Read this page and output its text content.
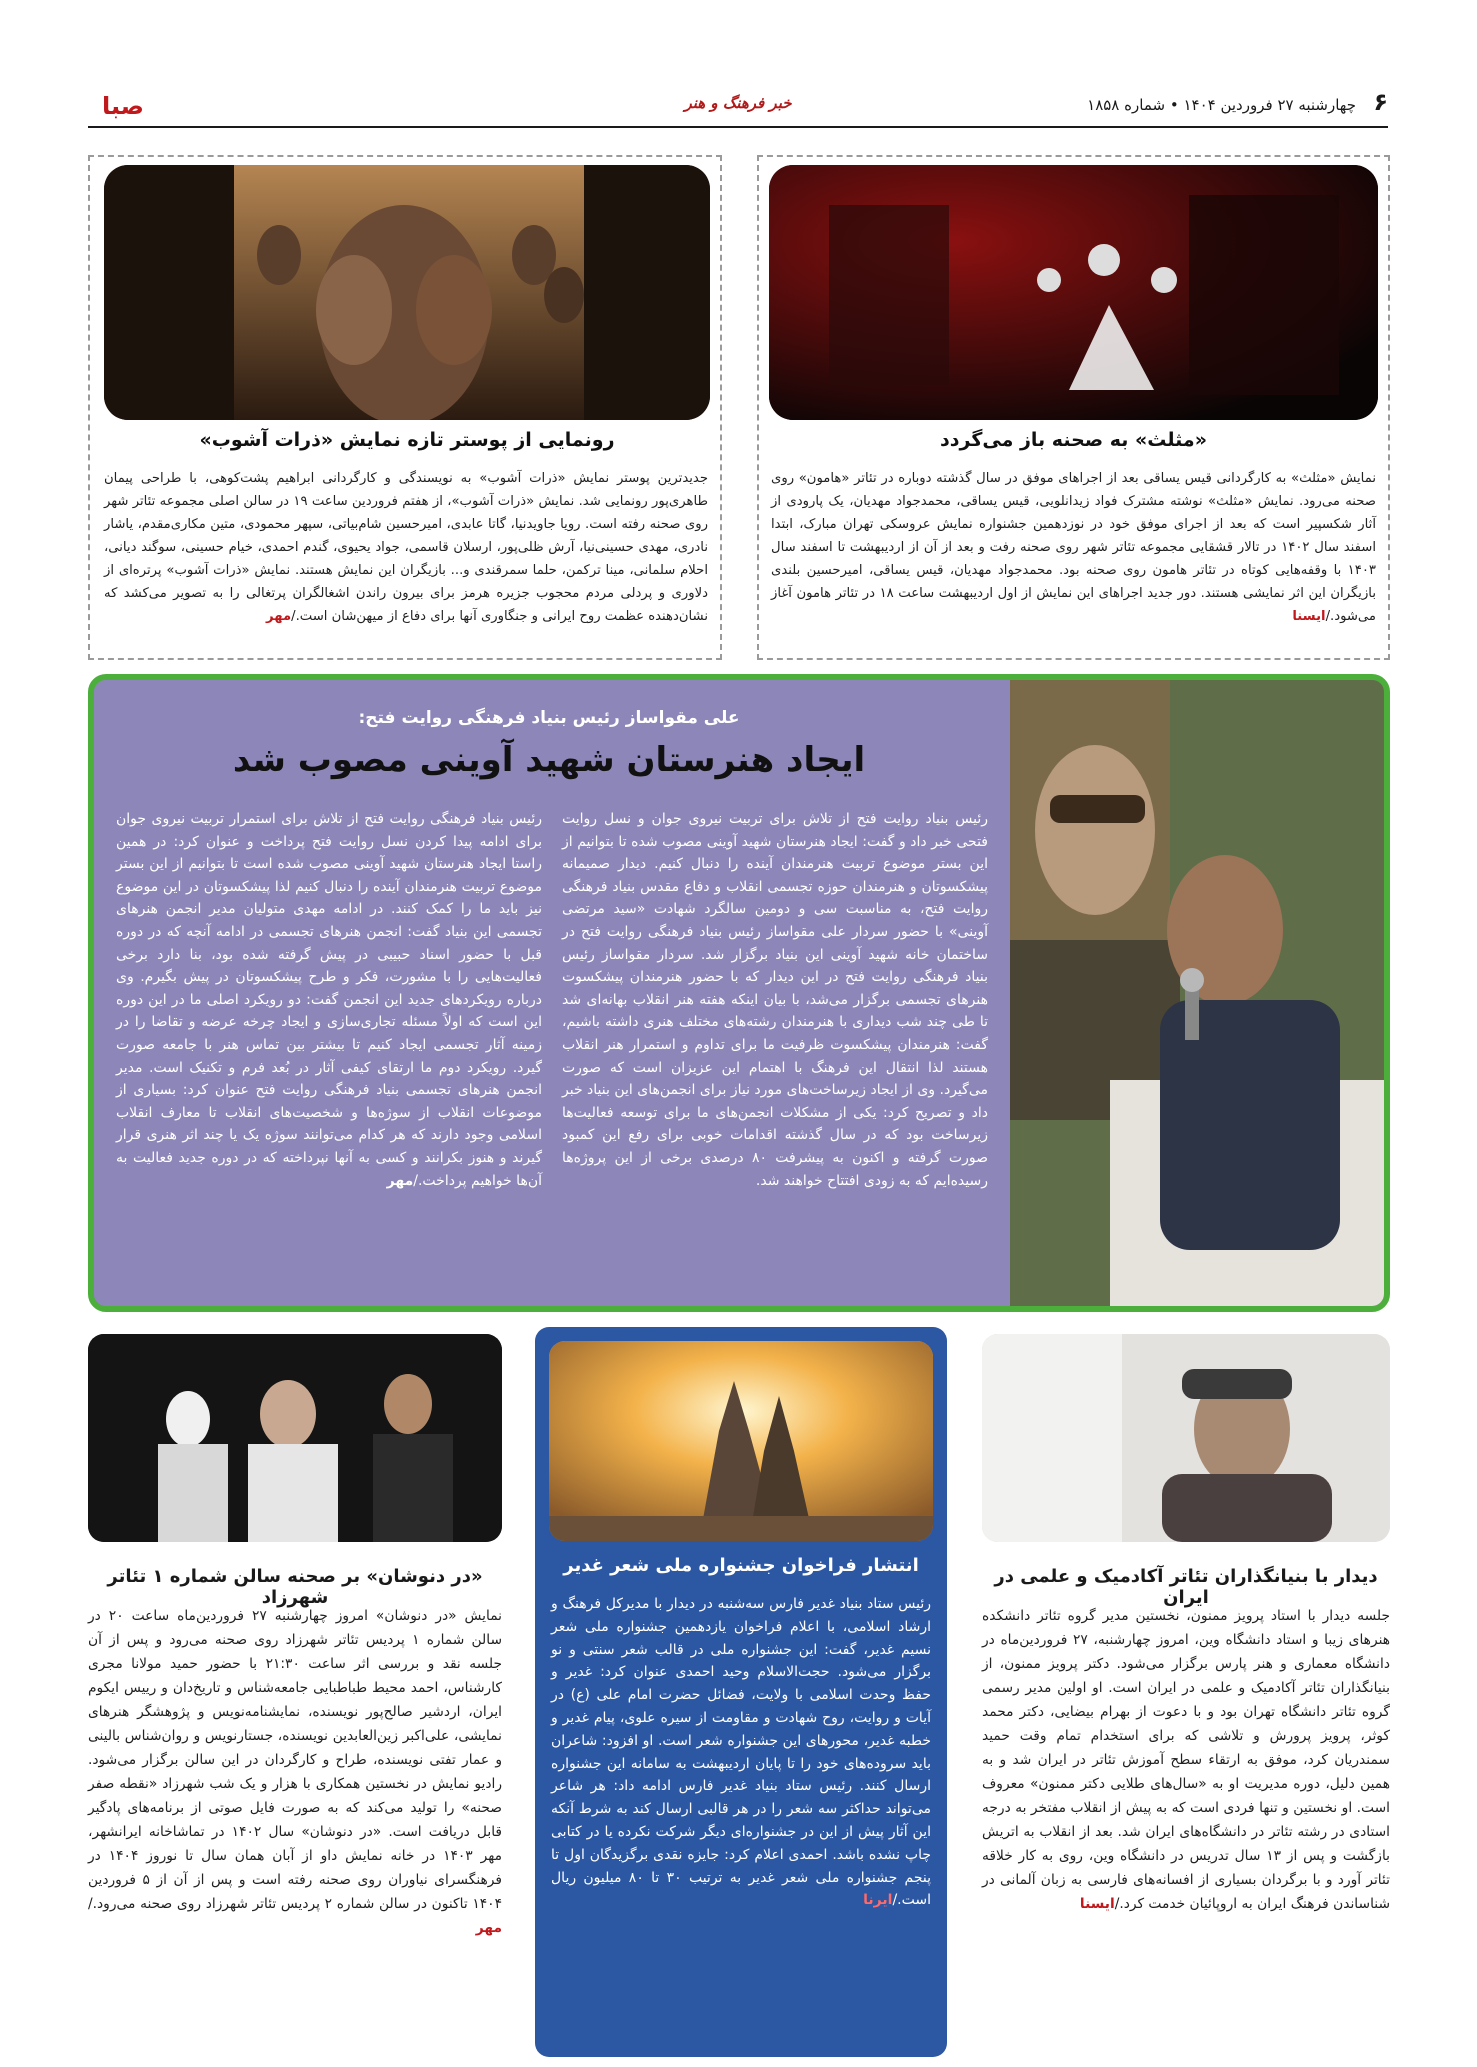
۶
چهارشنبه ۲۷ فروردین ۱۴۰۴ • شماره ۱۸۵۸
خبر فرهنگ و هنر
صبا
«مثلث» به صحنه باز می‌گردد
نمایش «مثلث» به کارگردانی قیس یساقی بعد از اجراهای موفق در سال گذشته دوباره در تئاتر «هامون» روی صحنه می‌رود. نمایش «مثلث» نوشته مشترک فواد زیدانلویی، قیس یساقی، محمدجواد مهدیان، یک پارودی از آثار شکسپیر است که بعد از اجرای موفق خود در نوزدهمین جشنواره نمایش عروسکی تهران مبارک، ابتدا اسفند سال ۱۴۰۲ در تالار قشقایی مجموعه تئاتر شهر روی صحنه رفت و بعد از آن از اردیبهشت تا اسفند سال ۱۴۰۳ با وقفه‌هایی کوتاه در تئاتر هامون روی صحنه بود. محمدجواد مهدیان، قیس یساقی، امیرحسین بلندی بازیگران این اثر نمایشی هستند. دور جدید اجراهای این نمایش از اول اردیبهشت ساعت ۱۸ در تئاتر هامون آغاز می‌شود./ایسنا
رونمایی از پوستر تازه نمایش «ذرات آشوب»
جدیدترین پوستر نمایش «ذرات آشوب» به نویسندگی و کارگردانی ابراهیم پشت‌کوهی، با طراحی پیمان طاهری‌پور رونمایی شد. نمایش «ذرات آشوب»، از هفتم فروردین ساعت ۱۹ در سالن اصلی مجموعه تئاتر شهر روی صحنه رفته است. رویا جاویدنیا، گاتا عابدی، امیرحسین شام‌بیاتی، سپهر محمودی، متین مکاری‌مقدم، یاشار نادری، مهدی حسینی‌نیا، آرش ظلی‌پور، ارسلان قاسمی، جواد یحیوی، گندم احمدی، خیام حسینی، سوگند دیانی، احلام سلمانی، مینا ترکمن، حلما سمرقندی و... بازیگران این نمایش هستند. نمایش «ذرات آشوب» پرتره‌ای از دلاوری و پردلی مردم محجوب جزیره هرمز برای بیرون راندن اشغالگران پرتغالی را به تصویر می‌کشد که نشان‌دهنده عظمت روح ایرانی و جنگاوری آنها برای دفاع از میهن‌شان است./مهر
علی مقواساز رئیس بنیاد فرهنگی روایت فتح:
ایجاد هنرستان شهید آوینی مصوب شد
رئیس بنیاد روایت فتح از تلاش برای تربیت نیروی جوان و نسل روایت فتحی خبر داد و گفت: ایجاد هنرستان شهید آوینی مصوب شده تا بتوانیم از این بستر موضوع تربیت هنرمندان آینده را دنبال کنیم. دیدار صمیمانه پیشکسوتان و هنرمندان حوزه تجسمی انقلاب و دفاع مقدس بنیاد فرهنگی روایت فتح، به مناسبت سی و دومین سالگرد شهادت «سید مرتضی آوینی» با حضور سردار علی مقواساز رئیس بنیاد فرهنگی روایت فتح در ساختمان خانه شهید آوینی این بنیاد برگزار شد. سردار مقواساز رئیس بنیاد فرهنگی روایت فتح در این دیدار که با حضور هنرمندان پیشکسوت هنرهای تجسمی برگزار می‌شد، با بیان اینکه هفته هنر انقلاب بهانه‌ای شد تا طی چند شب دیداری با هنرمندان رشته‌های مختلف هنری داشته باشیم، گفت: هنرمندان پیشکسوت ظرفیت ما برای تداوم و استمرار هنر انقلاب هستند لذا انتقال این فرهنگ با اهتمام این عزیزان است که صورت می‌گیرد. وی از ایجاد زیرساخت‌های مورد نیاز برای انجمن‌های این بنیاد خبر داد و تصریح کرد: یکی از مشکلات انجمن‌های ما برای توسعه فعالیت‌ها زیرساخت بود که در سال گذشته اقدامات خوبی برای رفع این کمبود صورت گرفته و اکنون به پیشرفت ۸۰ درصدی برخی از این پروژه‌ها رسیده‌ایم که به زودی افتتاح خواهند شد.
رئیس بنیاد فرهنگی روایت فتح از تلاش برای استمرار تربیت نیروی جوان برای ادامه پیدا کردن نسل روایت فتح پرداخت و عنوان کرد: در همین راستا ایجاد هنرستان شهید آوینی مصوب شده است تا بتوانیم از این بستر موضوع تربیت هنرمندان آینده را دنبال کنیم لذا پیشکسوتان در این موضوع نیز باید ما را کمک کنند. در ادامه مهدی متولیان مدیر انجمن هنرهای تجسمی این بنیاد گفت: انجمن هنرهای تجسمی در ادامه آنچه که در دوره قبل با حضور اسناد حبیبی در پیش گرفته شده بود، بنا دارد برخی فعالیت‌هایی را با مشورت، فکر و طرح پیشکسوتان در پیش بگیرم. وی درباره رویکردهای جدید این انجمن گفت: دو رویکرد اصلی ما در این دوره این است که اولاً مسئله تجاری‌سازی و ایجاد چرخه عرضه و تقاضا را در زمینه آثار تجسمی ایجاد کنیم تا بیشتر بین تماس هنر با جامعه صورت گیرد. رویکرد دوم ما ارتقای کیفی آثار در بُعد فرم و تکنیک است. مدیر انجمن هنرهای تجسمی بنیاد فرهنگی روایت فتح عنوان کرد: بسیاری از موضوعات انقلاب از سوژه‌ها و شخصیت‌های انقلاب تا معارف انقلاب اسلامی وجود دارند که هر کدام می‌توانند سوژه یک یا چند اثر هنری قرار گیرند و هنوز بکرانند و کسی به آنها نپرداخته که در دوره جدید فعالیت به آن‌ها خواهیم پرداخت./مهر
دیدار با بنیانگذاران تئاتر آکادمیک و علمی در ایران
جلسه دیدار با استاد پرویز ممنون، نخستین مدیر گروه تئاتر دانشکده هنرهای زیبا و استاد دانشگاه وین، امروز چهارشنبه، ۲۷ فروردین‌ماه در دانشگاه معماری و هنر پارس برگزار می‌شود. دکتر پرویز ممنون، از بنیانگذاران تئاتر آکادمیک و علمی در ایران است. او اولین مدیر رسمی گروه تئاتر دانشگاه تهران بود و با دعوت از بهرام بیضایی، دکتر محمد کوثر، پرویز پرورش و تلاشی که برای استخدام تمام وقت حمید سمندریان کرد، موفق به ارتقاء سطح آموزش تئاتر در ایران شد و به همین دلیل، دوره مدیریت او به «سال‌های طلایی دکتر ممنون» معروف است. او نخستین و تنها فردی است که به پیش از انقلاب مفتخر به درجه استادی در رشته تئاتر در دانشگاه‌های ایران شد. بعد از انقلاب به اتریش بازگشت و پس از ۱۳ سال تدریس در دانشگاه وین، روی به کار خلاقه تئاتر آورد و با برگردان بسیاری از افسانه‌های فارسی به زبان آلمانی در شناساندن فرهنگ ایران به اروپائیان خدمت کرد./ایسنا
انتشار فراخوان جشنواره ملی شعر غدیر
رئیس ستاد بنیاد غدیر فارس سه‌شنبه در دیدار با مدیرکل فرهنگ و ارشاد اسلامی، با اعلام فراخوان یازدهمین جشنواره ملی شعر نسیم غدیر، گفت: این جشنواره ملی در قالب شعر سنتی و نو برگزار می‌شود. حجت‌الاسلام وحید احمدی عنوان کرد: غدیر و حفظ وحدت اسلامی با ولایت، فضائل حضرت امام علی (ع) در آیات و روایت، روح شهادت و مقاومت از سیره علوی، پیام غدیر و خطبه غدیر، محورهای این جشنواره شعر است. او افزود: شاعران باید سروده‌های خود را تا پایان اردیبهشت به سامانه این جشنواره ارسال کنند. رئیس ستاد بنیاد غدیر فارس ادامه داد: هر شاعر می‌تواند حداکثر سه شعر را در هر قالبی ارسال کند به شرط آنکه این آثار پیش از این در جشنواره‌ای دیگر شرکت نکرده یا در کتابی چاپ نشده باشد. احمدی اعلام کرد: جایزه نقدی برگزیدگان اول تا پنجم جشنواره ملی شعر غدیر به ترتیب ۳۰ تا ۸۰ میلیون ریال است./ایرنا
«در دنوشان» بر صحنه سالن شماره ۱ تئاتر شهرزاد
نمایش «در دنوشان» امروز چهارشنبه ۲۷ فروردین‌ماه ساعت ۲۰ در سالن شماره ۱ پردیس تئاتر شهرزاد روی صحنه می‌رود و پس از آن جلسه نقد و بررسی اثر ساعت ۲۱:۳۰ با حضور حمید مولانا مجری کارشناس، احمد محیط طباطبایی جامعه‌شناس و تاریخ‌دان و رییس ایکوم ایران، اردشیر صالح‌پور نویسنده، نمایشنامه‌نویس و پژوهشگر هنرهای نمایشی، علی‌اکبر زین‌العابدین نویسنده، جستارنویس و روان‌شناس بالینی و عمار تفتی نویسنده، طراح و کارگردان در این سالن برگزار می‌شود. رادیو نمایش در نخستین همکاری با هزار و یک شب شهرزاد «نقطه صفر صحنه» را تولید می‌کند که به صورت فایل صوتی از برنامه‌های پادگیر قابل دریافت است. «در دنوشان» سال ۱۴۰۲ در تماشاخانه ایرانشهر، مهر ۱۴۰۳ در خانه نمایش داو از آبان همان سال تا نوروز ۱۴۰۴ در فرهنگسرای نیاوران روی صحنه رفته است و پس از آن از ۵ فروردین ۱۴۰۴ تاکنون در سالن شماره ۲ پردیس تئاتر شهرزاد روی صحنه می‌رود./مهر
